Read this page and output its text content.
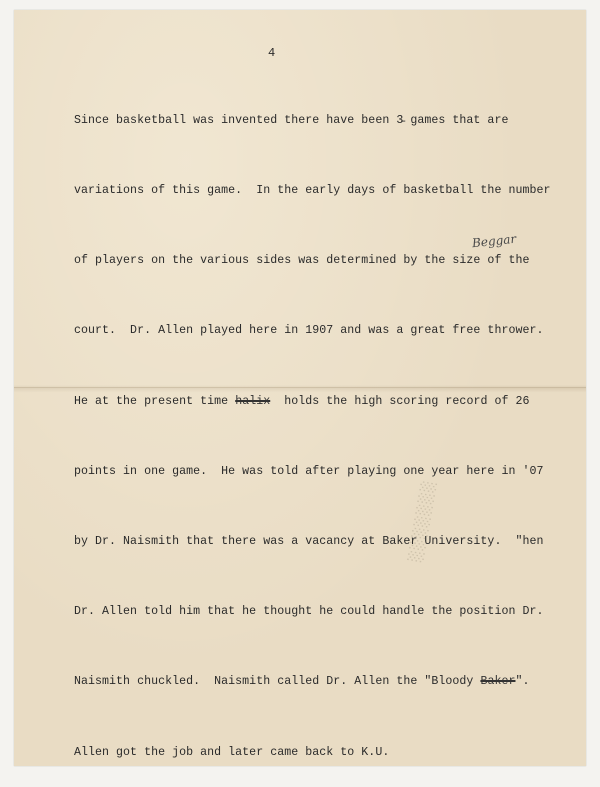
4

Since basketball was invented there have been 3̵ games that are

variations of this game.  In the early days of basketball the number

of players on the various sides was determined by the size of the

court.  Dr. Allen played here in 1907 and was a great free thrower.

He at the present time halix holds the high scoring record of 26

points in one game.  He was told after playing one year here in '07

by Dr. Naismith that there was a vacancy at Baker University.  "hen

Dr. Allen told him that he thought he could handle the position Dr.

Naismith chuckled.  Naismith called Dr. Allen the "Bloody Baker".

Allen got the job and later came back to K.U.

Beggar
░░░░░░░
